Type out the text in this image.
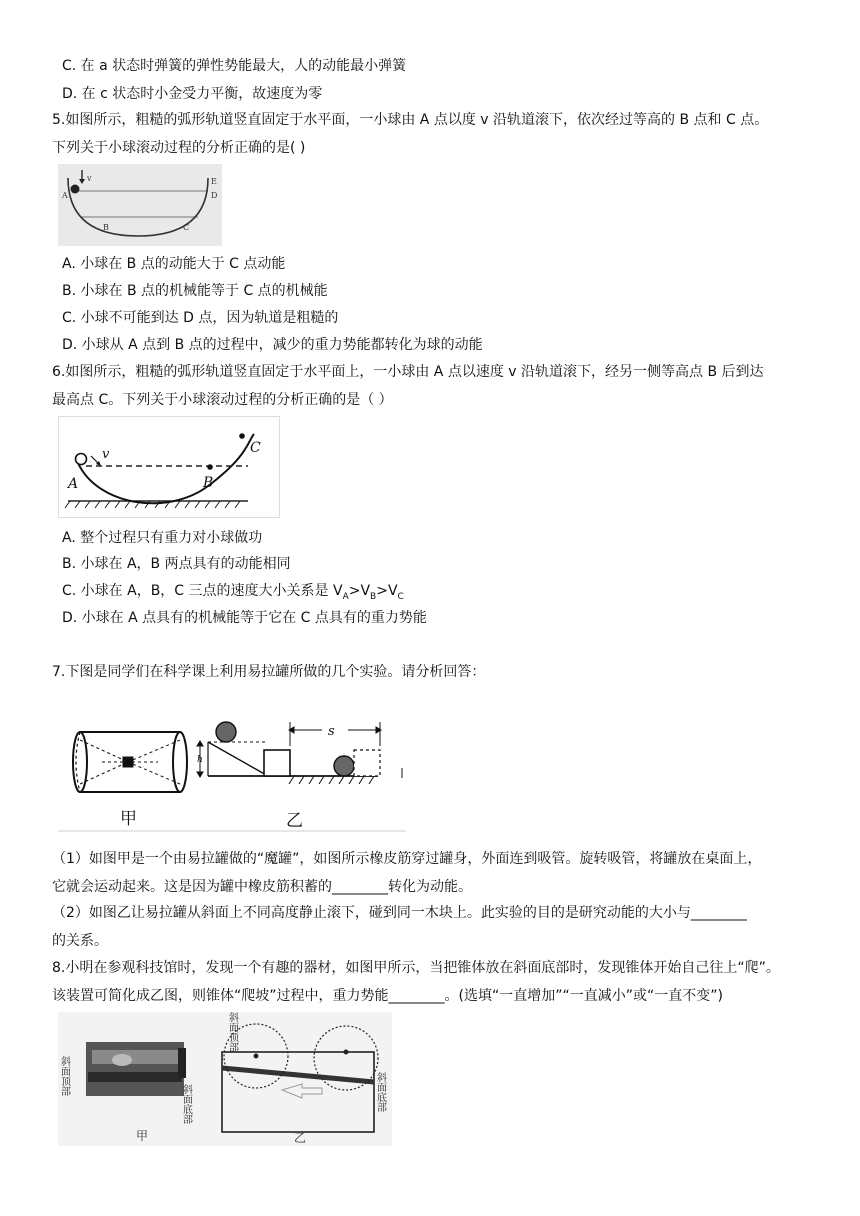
C. 在 a 状态时弹簧的弹性势能最大，人的动能最小弹簧
D. 在 c 状态时小金受力平衡，故速度为零
5.如图所示，粗糙的弧形轨道竖直固定于水平面，一小球由 A 点以度 v 沿轨道滚下，依次经过等高的 B 点和 C 点。
下列关于小球滚动过程的分析正确的是( )
A
v
B	C
D
E
A. 小球在 B 点的动能大于 C 点动能
B. 小球在 B 点的机械能等于 C 点的机械能
C. 小球不可能到达 D 点，因为轨道是粗糙的
D. 小球从 A 点到 B 点的过程中，减少的重力势能都转化为球的动能
6.如图所示，粗糙的弧形轨道竖直固定于水平面上，一小球由 A 点以速度 v 沿轨道滚下，经另一侧等高点 B 后到达
最高点 C。下列关于小球滚动过程的分析正确的是（ ）
v
A	B
C
A. 整个过程只有重力对小球做功
B. 小球在 A，B 两点具有的动能相同
C. 小球在 A，B，C 三点的速度大小关系是 $V_A>V_B>V_C$
D. 小球在 A 点具有的机械能等于它在 C 点具有的重力势能
7.下图是同学们在科学课上利用易拉罐所做的几个实验。请分析回答：
s
h
甲	乙
（1）如图甲是一个由易拉罐做的“魔罐”，如图所示橡皮筋穿过罐身，外面连到吸管。旋转吸管，将罐放在桌面上，
它就会运动起来。这是因为罐中橡皮筋积蓄的________转化为动能。
（2）如图乙让易拉罐从斜面上不同高度静止滚下，碰到同一木块上。此实验的目的是研究动能的大小与________
的关系。
8.小明在参观科技馆时，发现一个有趣的器材，如图甲所示，当把锥体放在斜面底部时，发现锥体开始自己往上“爬”。
该装置可简化成乙图，则锥体“爬坡”过程中，重力势能________。(选填“一直增加”“一直减小”或“一直不变”)
斜面顶部
斜面底部
斜面顶部
斜面底部
甲	乙
